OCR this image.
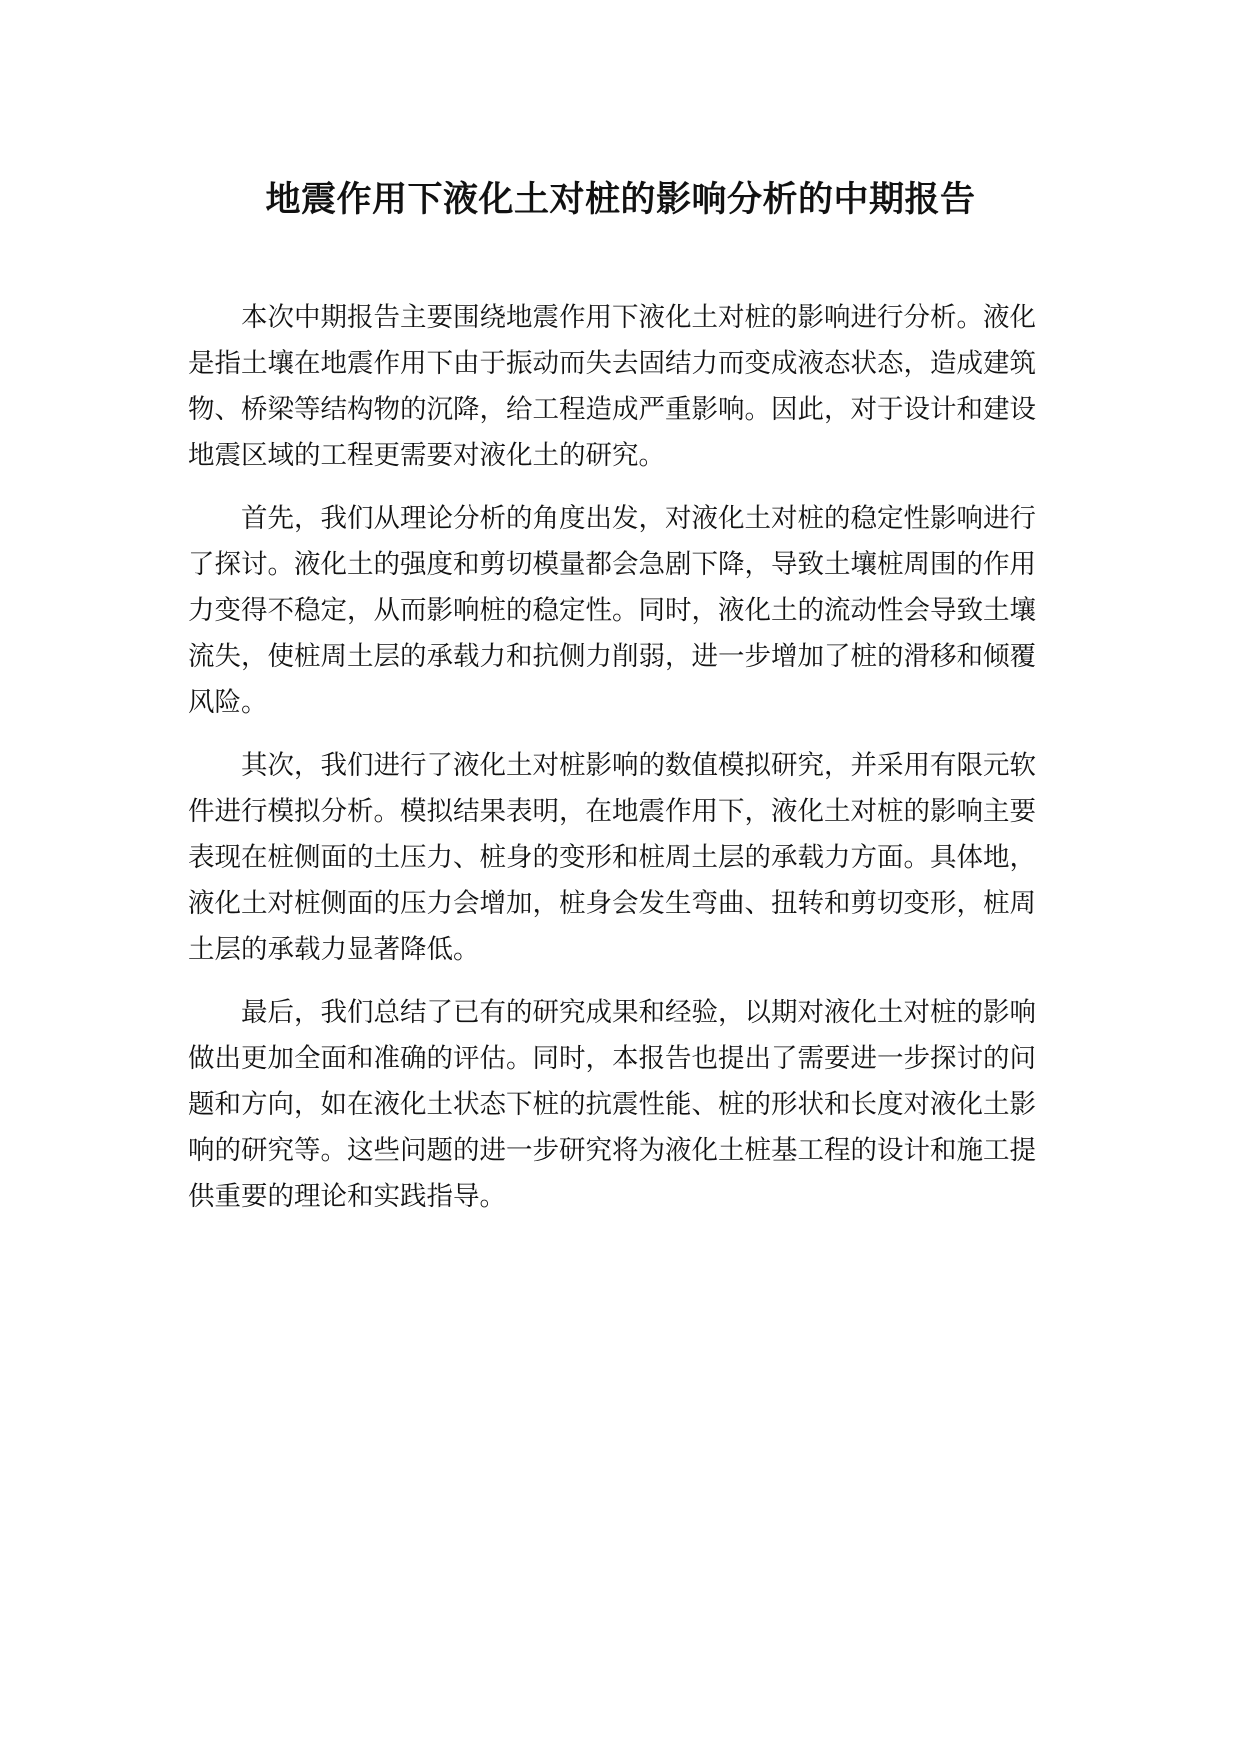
地震作用下液化土对桩的影响分析的中期报告

本次中期报告主要围绕地震作用下液化土对桩的影响进行分析。液化是指土壤在地震作用下由于振动而失去固结力而变成液态状态，造成建筑物、桥梁等结构物的沉降，给工程造成严重影响。因此，对于设计和建设地震区域的工程更需要对液化土的研究。

首先，我们从理论分析的角度出发，对液化土对桩的稳定性影响进行了探讨。液化土的强度和剪切模量都会急剧下降，导致土壤桩周围的作用力变得不稳定，从而影响桩的稳定性。同时，液化土的流动性会导致土壤流失，使桩周土层的承载力和抗侧力削弱，进一步增加了桩的滑移和倾覆风险。

其次，我们进行了液化土对桩影响的数值模拟研究，并采用有限元软件进行模拟分析。模拟结果表明，在地震作用下，液化土对桩的影响主要表现在桩侧面的土压力、桩身的变形和桩周土层的承载力方面。具体地，液化土对桩侧面的压力会增加，桩身会发生弯曲、扭转和剪切变形，桩周土层的承载力显著降低。

最后，我们总结了已有的研究成果和经验，以期对液化土对桩的影响做出更加全面和准确的评估。同时，本报告也提出了需要进一步探讨的问题和方向，如在液化土状态下桩的抗震性能、桩的形状和长度对液化土影响的研究等。这些问题的进一步研究将为液化土桩基工程的设计和施工提供重要的理论和实践指导。
